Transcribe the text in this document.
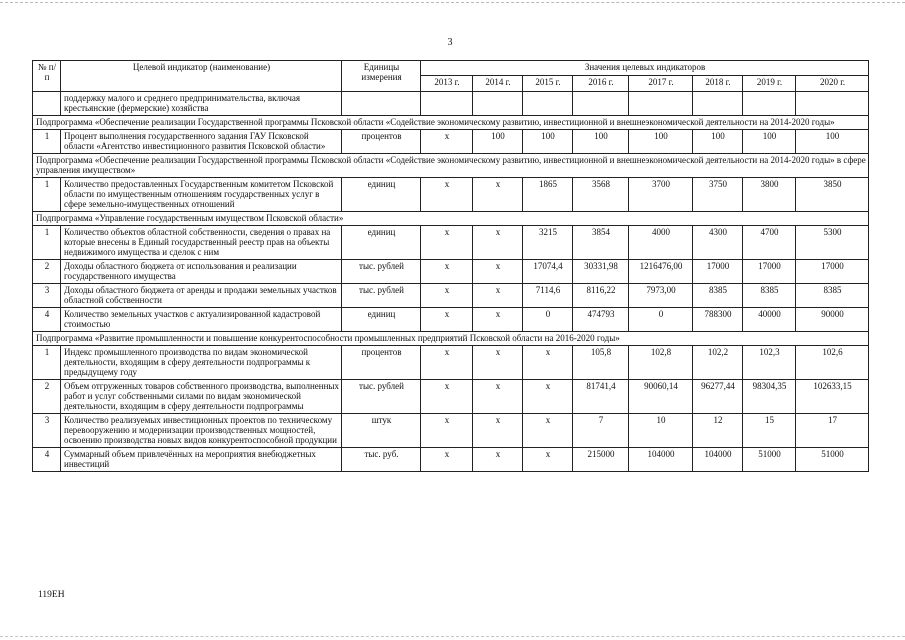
3
№ п/п	Целевой индикатор (наименование)	Единицы измерения	Значения целевых индикаторов							
			2013 г.	2014 г.	2015 г.	2016 г.	2017 г.	2018 г.	2019 г.	2020 г.
	поддержку малого и среднего предпринимательства, включая крестьянские (фермерские) хозяйства									
Подпрограмма «Обеспечение реализации Государственной программы Псковской области «Содействие экономическому развитию, инвестиционной и внешнеэкономической деятельности на 2014-2020 годы»										
1	Процент выполнения государственного задания ГАУ Псковской области «Агентство инвестиционного развития Псковской области»	процентов	х	100	100	100	100	100	100	100
Подпрограмма «Обеспечение реализации Государственной программы Псковской области «Содействие экономическому развитию, инвестиционной и внешнеэкономической деятельности на 2014-2020 годы» в сфере управления имуществом»										
1	Количество предоставленных Государственным комитетом Псковской области по имущественным отношениям государственных услуг в сфере земельно-имущественных отношений	единиц	х	х	1865	3568	3700	3750	3800	3850
Подпрограмма «Управление государственным имуществом Псковской области»										
1	Количество объектов областной собственности, сведения о правах на которые внесены в Единый государственный реестр прав на объекты недвижимого имущества и сделок с ним	единиц	х	х	3215	3854	4000	4300	4700	5300
2	Доходы областного бюджета от использования и реализации государственного имущества	тыс. рублей	х	х	17074,4	30331,98	1216476,00	17000	17000	17000
3	Доходы областного бюджета от аренды и продажи земельных участков областной собственности	тыс. рублей	х	х	7114,6	8116,22	7973,00	8385	8385	8385
4	Количество земельных участков с актуализированной кадастровой стоимостью	единиц	х	х	0	474793	0	788300	40000	90000
Подпрограмма «Развитие промышленности и повышение конкурентоспособности промышленных предприятий Псковской области на 2016-2020 годы»										
1	Индекс промышленного производства по видам экономической деятельности, входящим в сферу деятельности подпрограммы к предыдущему году	процентов	х	х	х	105,8	102,8	102,2	102,3	102,6
2	Объем отгруженных товаров собственного производства, выполненных работ и услуг собственными силами по видам экономической деятельности, входящим в сферу деятельности подпрограммы	тыс. рублей	х	х	х	81741,4	90060,14	96277,44	98304,35	102633,15
3	Количество реализуемых инвестиционных проектов по техническому перевооружению и модернизации производственных мощностей, освоению производства новых видов конкурентоспособной продукции	штук	х	х	х	7	10	12	15	17
4	Суммарный объем привлечённых на мероприятия внебюджетных инвестиций	тыс. руб.	х	х	х	215000	104000	104000	51000	51000
119ЕН
